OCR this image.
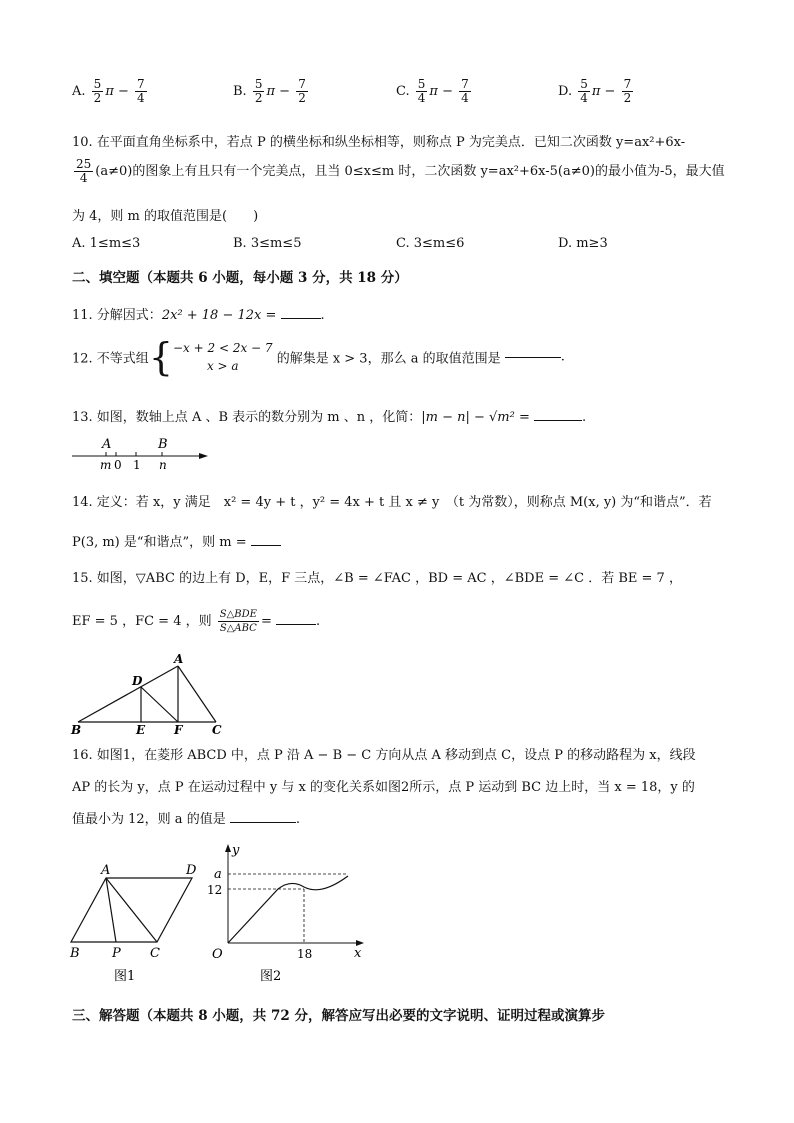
A. $\frac{5}{2}$ $\pi - \frac{7}{4}$	B. $\frac{5}{2}$ $\pi - \frac{7}{2}$	C. $\frac{5}{4}$ $\pi - \frac{7}{4}$	D. $\frac{5}{4}$ $\pi - \frac{7}{2}$
10. 在平面直角坐标系中，若点 P 的横坐标和纵坐标相等，则称点 P 为完美点．已知二次函数 y=ax²+6x-
$\frac{25}{4} (a\ne 0)$的图象上有且只有一个完美点，且当 0≤x≤m 时，二次函数 y=ax²+6x-5(a≠0)的最小值为-5，最大值
为 4，则 m 的取值范围是(　　)
A. 1≤m≤3	B. 3≤m≤5	C. 3≤m≤6	D. m≥3
二、填空题（本题共 6 小题，每小题 3 分，共 18 分）
11. 分解因式：2x² + 18 − 12x =	.
12. 不等式组{ −x + 2 < 2x − 7
x > a	的解集是 x > 3，那么 a 的取值范围是	.
13. 如图，数轴上点 A 、B 表示的数分别为 m 、n ，化简：|m − n| − √m² =	.
A	B
m 0 1 n
14. 定义：若 x，y 满足　x² = 4y + t ，y² = 4x + t 且 x ≠ y　（t 为常数），则称点 M(x, y) 为“和谐点”．若
P(3, m) 是“和谐点”，则 m =
15. 如图，▽ABC 的边上有 D，E，F 三点，∠B = ∠FAC ，BD = AC ，∠BDE = ∠C ．若 BE = 7 ，
EF = 5 ，FC = 4 ，则 $\frac{\text{S△BDE}}{\text{S△ABC}}$ =	.
A
B	C
D
E F
16. 如图1，在菱形 ABCD 中，点 P 沿 A − B − C 方向从点 A 移动到点 C，设点 P 的移动路程为 x，线段
AP 的长为 y，点 P 在运动过程中 y 与 x 的变化关系如图2所示，点 P 运动到 BC 边上时，当 x = 18，y 的
值最小为 12，则 a 的值是	.
A	D
B P C
图1
y
a
12
O	18	x
图2
三、解答题（本题共 8 小题，共 72 分，解答应写出必要的文字说明、证明过程或演算步
